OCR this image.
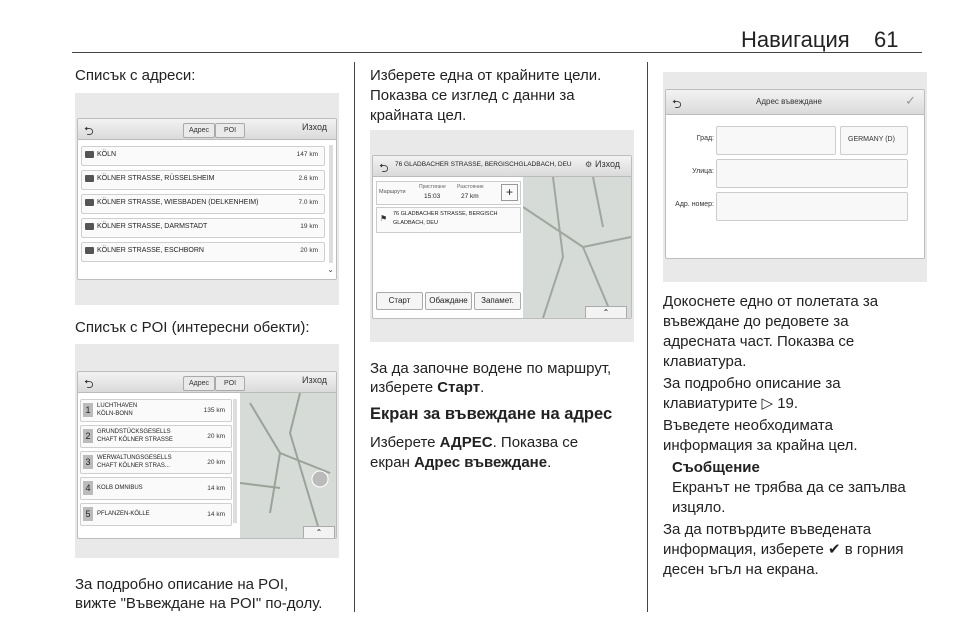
Навигация 61
Списък с адреси:
⮌	Адрес	POI	Изход
KÖLN	147 km
KÖLNER STRASSE, RÜSSELSHEIM	2.6 km
KÖLNER STRASSE, WIESBADEN (DELKENHEIM)	7.0 km
KÖLNER STRASSE, DARMSTADT	19 km
KÖLNER STRASSE, ESCHBORN	20 km
⌄
Списък с POI (интересни обекти):
⮌	Адрес	POI	Изход
1	LUCHTHAVEN
KÖLN-BONN	135 km
2	GRUNDSTÜCKSGESELLS
CHAFT KÖLNER STRASSE	20 km
3	WERWALTUNGSGESELLS
CHAFT KÖLNER STRAS...	20 km
4	KOLB OMNIBUS	14 km
5	PFLANZEN-KÖLLE	14 km
⌃
За подробно описание на POI,
вижте "Въвеждане на POI" по-долу.
Изберете една от крайните цели.
Показва се изглед с данни за
крайната цел.
⮌ 76 GLADBACHER STRASSE, BERGISCHGLADBACH, DEU ⚙ Изход
Маршрути
Пристигане Разстояние
15:03	27 km	+
⚑ 76 GLADBACHER STRASSE, BERGISCH
GLADBACH, DEU
Старт	Обаждане	Запамет.
⌃
За да започне водене по маршрут,
изберете Старт.
Екран за въвеждане на адрес
Изберете АДРЕС. Показва се
екран Адрес въвеждане.
⮌	Адрес въвеждане	✓
Град:	GERMANY (D)
Улица:
Адр. номер:
Докоснете едно от полетата за
въвеждане до редовете за
адресната част. Показва се
клавиатура.
За подробно описание за
клавиатурите ▷ 19.
Въведете необходимата
информация за крайна цел.
Съобщение
Екранът не трябва да се запълва
изцяло.
За да потвърдите въведената
информация, изберете ✔ в горния
десен ъгъл на екрана.
